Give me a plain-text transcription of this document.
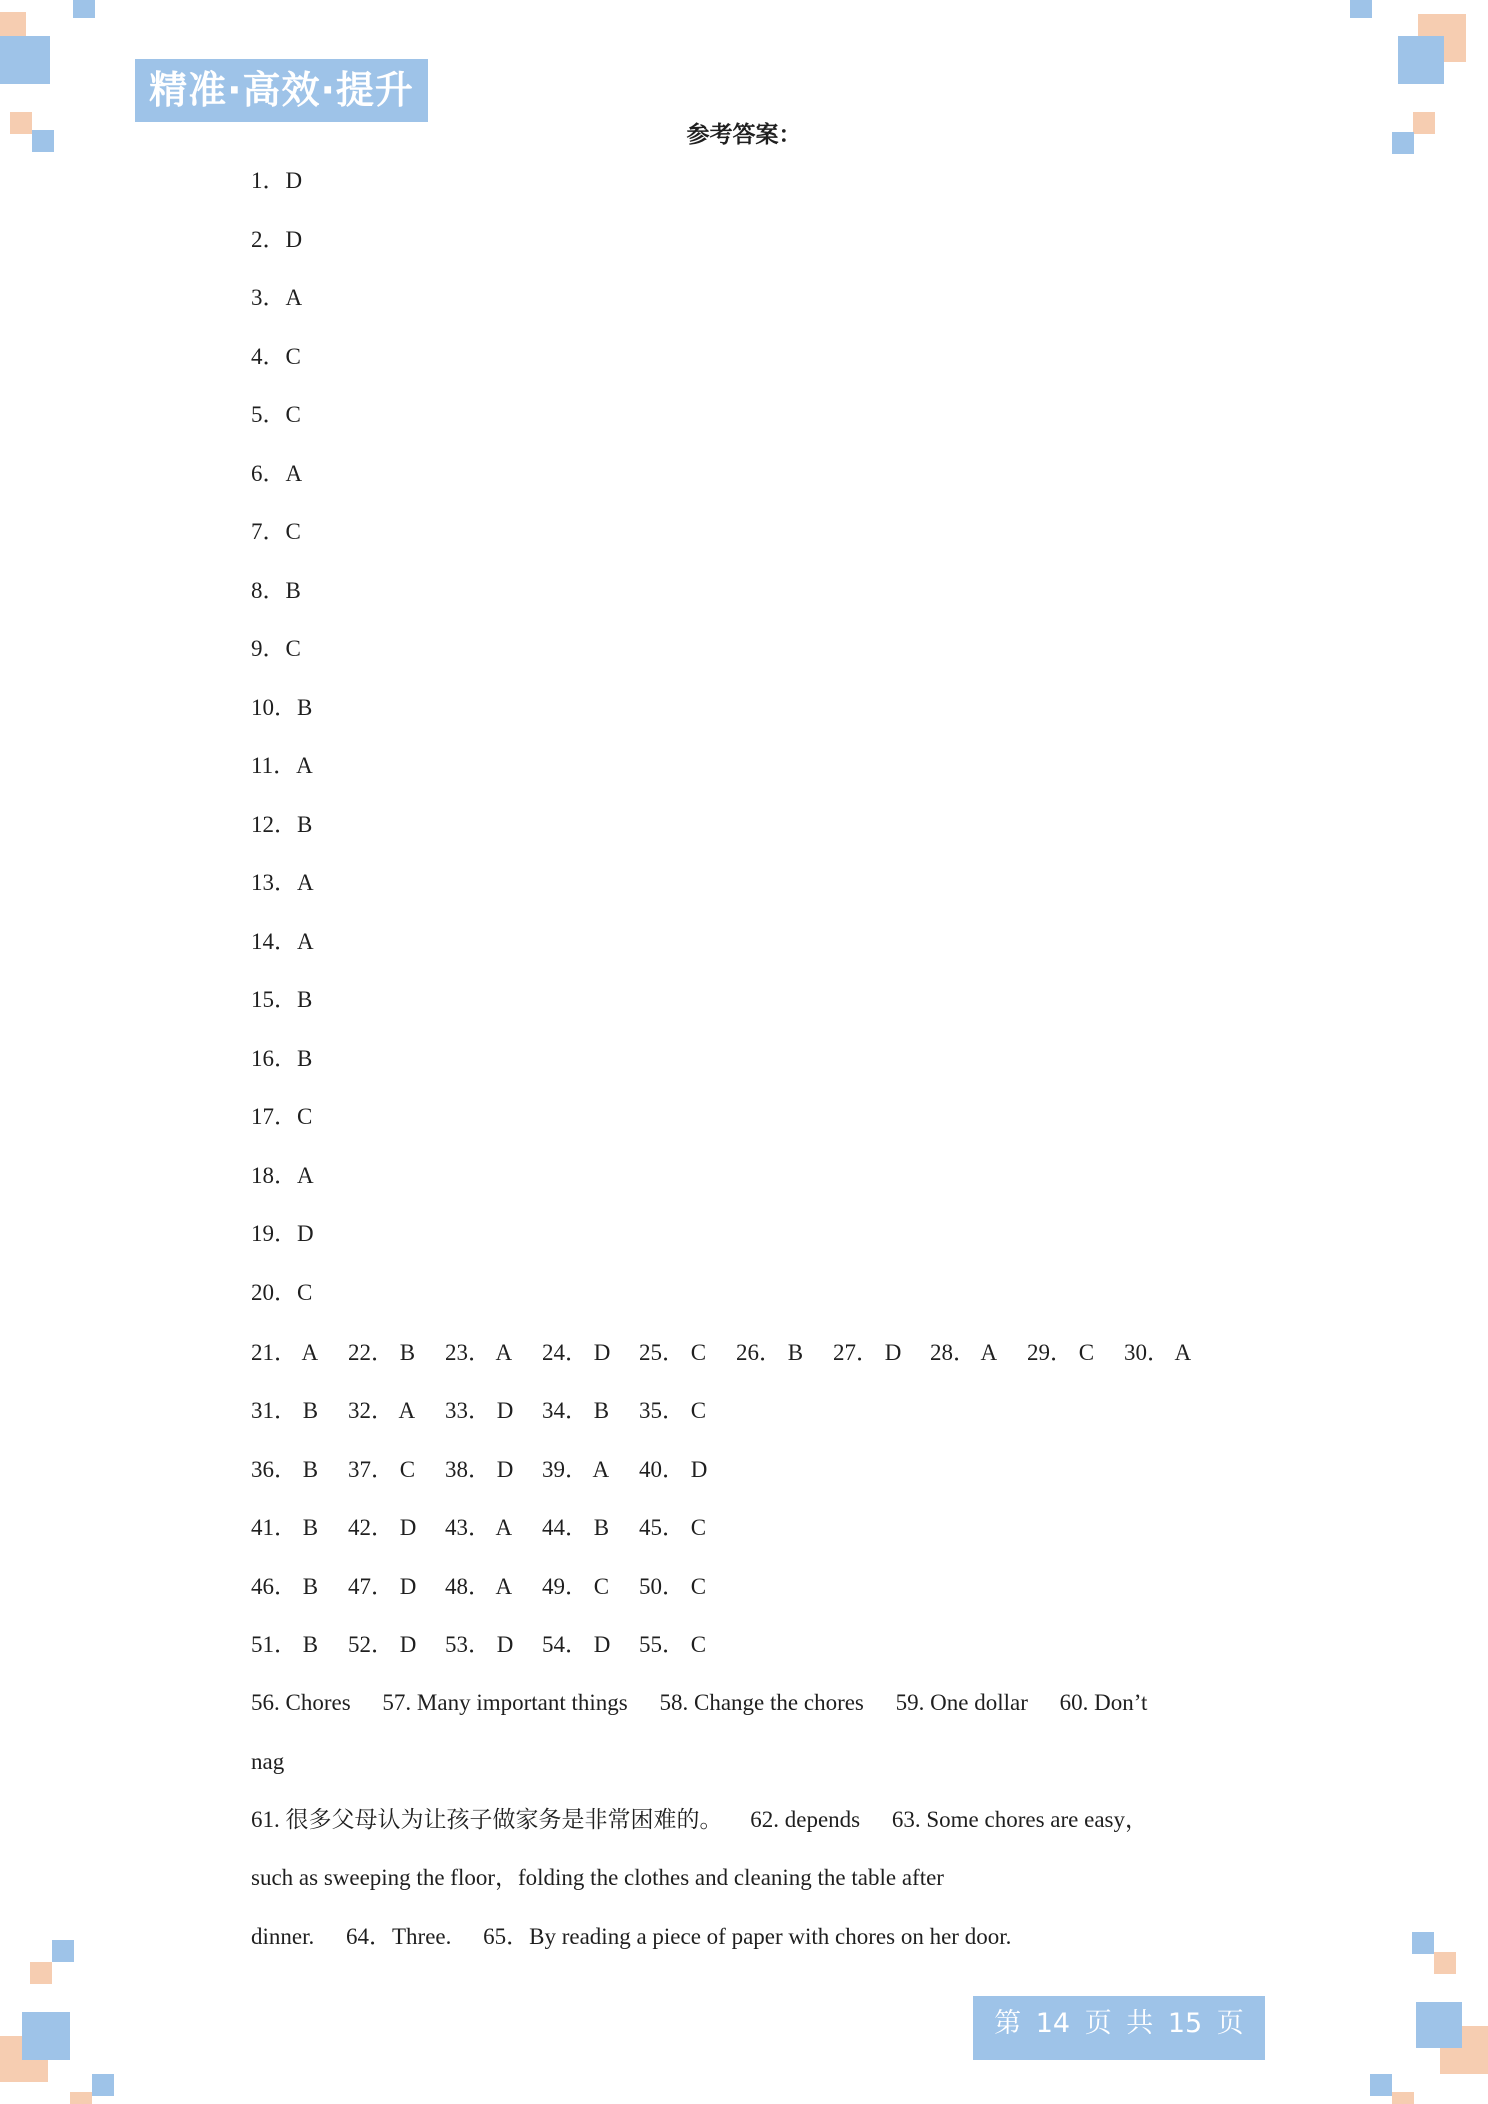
精准·高效·提升
参考答案：
1．D
2．D
3．A
4．C
5．C
6．A
7．C
8．B
9．C
10．B
11．A
12．B
13．A
14．A
15．B
16．B
17．C
18．A
19．D
20．C
21． A 22． B 23． A 24． D 25． C 26． B 27． D 28． A 29． C 30． A
31． B 32． A 33． D 34． B 35． C
36． B 37． C 38． D 39． A 40． D
41． B 42． D 43． A 44． B 45． C
46． B 47． D 48． A 49． C 50． C
51． B 52． D 53． D 54． D 55． C
56. Chores 57. Many important things 58. Change the chores 59. One dollar 60. Don’t
nag
61. 很多父母认为让孩子做家务是非常困难的。 62. depends 63. Some chores are easy，
such as sweeping the floor，folding the clothes and cleaning the table after
dinner. 64．Three. 65．By reading a piece of paper with chores on her door.
第 14 页 共 15 页
